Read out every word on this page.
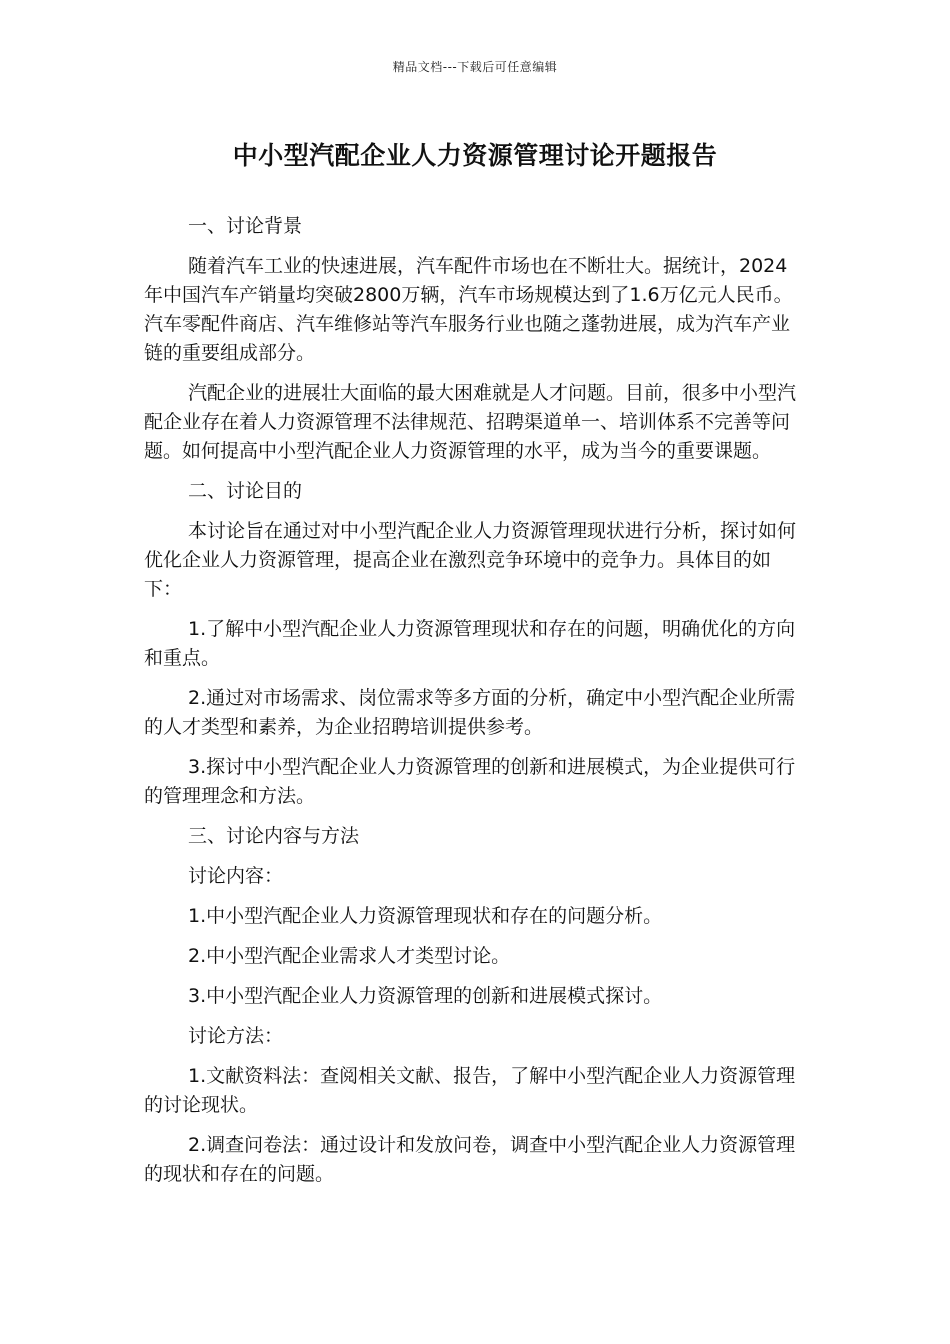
精品文档---下载后可任意编辑
中小型汽配企业人力资源管理讨论开题报告

一、讨论背景

随着汽车工业的快速进展，汽车配件市场也在不断壮大。据统计，2024年中国汽车产销量均突破2800万辆，汽车市场规模达到了1.6万亿元人民币。汽车零配件商店、汽车维修站等汽车服务行业也随之蓬勃进展，成为汽车产业链的重要组成部分。

汽配企业的进展壮大面临的最大困难就是人才问题。目前，很多中小型汽配企业存在着人力资源管理不法律规范、招聘渠道单一、培训体系不完善等问题。如何提高中小型汽配企业人力资源管理的水平，成为当今的重要课题。

二、讨论目的

本讨论旨在通过对中小型汽配企业人力资源管理现状进行分析，探讨如何优化企业人力资源管理，提高企业在激烈竞争环境中的竞争力。具体目的如下：

1.了解中小型汽配企业人力资源管理现状和存在的问题，明确优化的方向和重点。

2.通过对市场需求、岗位需求等多方面的分析，确定中小型汽配企业所需的人才类型和素养，为企业招聘培训提供参考。

3.探讨中小型汽配企业人力资源管理的创新和进展模式，为企业提供可行的管理理念和方法。

三、讨论内容与方法

讨论内容：

1.中小型汽配企业人力资源管理现状和存在的问题分析。

2.中小型汽配企业需求人才类型讨论。

3.中小型汽配企业人力资源管理的创新和进展模式探讨。

讨论方法：

1.文献资料法：查阅相关文献、报告，了解中小型汽配企业人力资源管理的讨论现状。

2.调查问卷法：通过设计和发放问卷，调查中小型汽配企业人力资源管理的现状和存在的问题。
